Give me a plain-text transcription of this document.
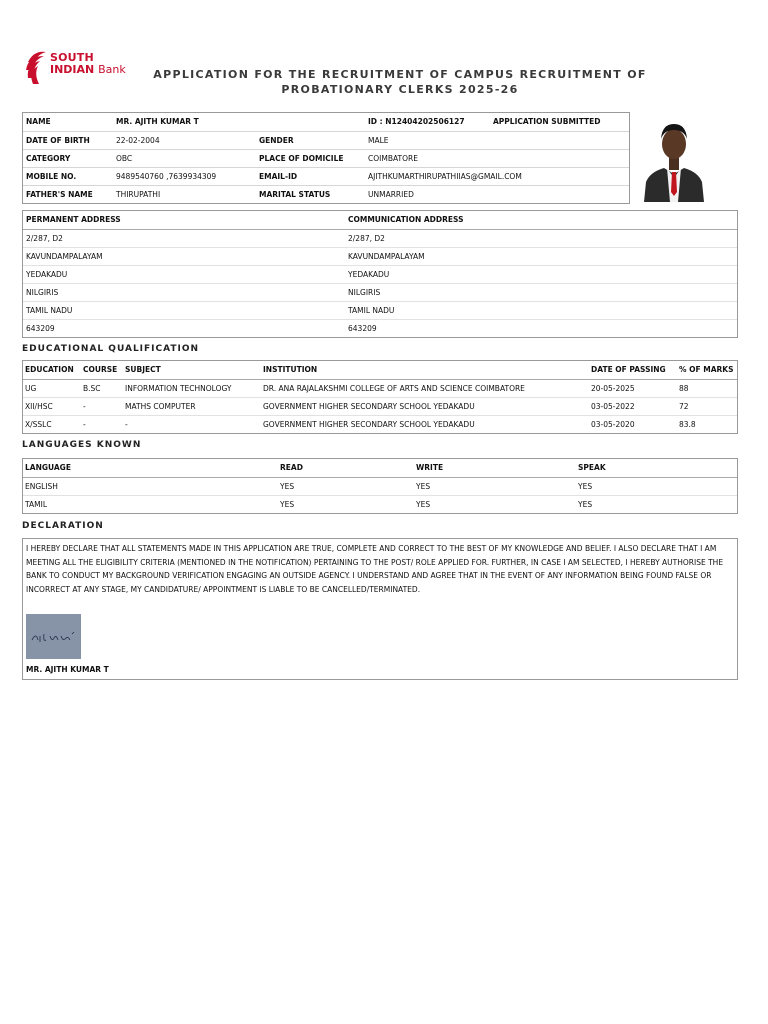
SOUTH
INDIAN Bank	APPLICATION FOR THE RECRUITMENT OF CAMPUS RECRUITMENT OF
PROBATIONARY CLERKS 2025-26
NAME	MR. AJITH KUMAR T		ID : N12404202506127	APPLICATION SUBMITTED
DATE OF BIRTH	22-02-2004	GENDER	MALE	
CATEGORY	OBC	PLACE OF DOMICILE	COIMBATORE	
MOBILE NO.	9489540760 ,7639934309	EMAIL-ID	AJITHKUMARTHIRUPATHIIAS@GMAIL.COM	
FATHER'S NAME	THIRUPATHI	MARITAL STATUS	UNMARRIED	
PERMANENT ADDRESS	COMMUNICATION ADDRESS
2/287, D2	2/287, D2
KAVUNDAMPALAYAM	KAVUNDAMPALAYAM
YEDAKADU	YEDAKADU
NILGIRIS	NILGIRIS
TAMIL NADU	TAMIL NADU
643209	643209
EDUCATIONAL QUALIFICATION
EDUCATION	COURSE	SUBJECT	INSTITUTION	DATE OF PASSING	% OF MARKS
UG	B.SC	INFORMATION TECHNOLOGY	DR. ANA RAJALAKSHMI COLLEGE OF ARTS AND SCIENCE COIMBATORE	20-05-2025	88
XII/HSC	-	MATHS COMPUTER	GOVERNMENT HIGHER SECONDARY SCHOOL YEDAKADU	03-05-2022	72
X/SSLC	-	-	GOVERNMENT HIGHER SECONDARY SCHOOL YEDAKADU	03-05-2020	83.8
LANGUAGES KNOWN
LANGUAGE	READ	WRITE	SPEAK
ENGLISH	YES	YES	YES
TAMIL	YES	YES	YES
DECLARATION
I HEREBY DECLARE THAT ALL STATEMENTS MADE IN THIS APPLICATION ARE TRUE, COMPLETE AND CORRECT TO THE BEST OF MY KNOWLEDGE AND BELIEF. I ALSO DECLARE THAT I AM MEETING ALL THE ELIGIBILITY CRITERIA (MENTIONED IN THE NOTIFICATION) PERTAINING TO THE POST/ ROLE APPLIED FOR. FURTHER, IN CASE I AM SELECTED, I HEREBY AUTHORISE THE BANK TO CONDUCT MY BACKGROUND VERIFICATION ENGAGING AN OUTSIDE AGENCY. I UNDERSTAND AND AGREE THAT IN THE EVENT OF ANY INFORMATION BEING FOUND FALSE OR INCORRECT AT ANY STAGE, MY CANDIDATURE/ APPOINTMENT IS LIABLE TO BE CANCELLED/TERMINATED.
MR. AJITH KUMAR T
